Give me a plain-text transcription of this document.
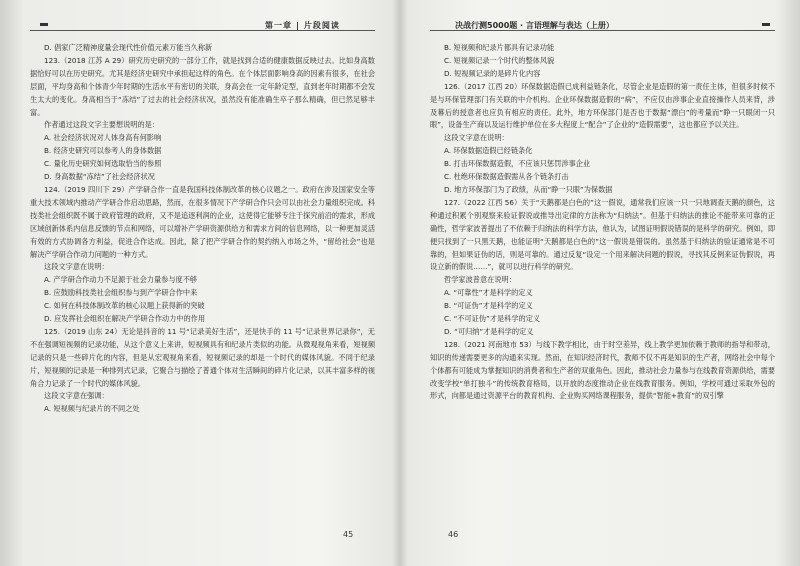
第一章 | 片段阅读

D. 倡家广泛精神度量会现代性价值元素万能当久称新

123.（2018 江苏 A 29）研究历史研究的一部分工作，就是找到合适的健康数据反映过去。比如身高数据恰好可以在历史研究。尤其是经济史研究中承担起这样的角色。在个体层面影响身高的因素有很多，在社会层面，平均身高和个体青少年时期的生活水平有密切的关联，身高会在一定年龄定型，直到老年时期都不会发生太大的变化。身高相当于“冻结”了过去的社会经济状况，虽然没有能准确生卒子那么精确，但已然足够丰富。

作者通过这段文字主要想说明的是：

A. 社会经济状况对人体身高有何影响

B. 经济史研究可以参考人的身体数据

C. 量化历史研究如何选取恰当的参照

D. 身高数据“冻结”了社会经济状况

124.（2019 四川下 29）产学研合作一直是我国科技体制改革的核心议题之一。政府在涉及国家安全等重大技术领域内推动产学研合作启动思路，然而，在很多情况下产学研合作只会可以由社会力量组织完成。科技类社会组织既不属于政府管理的政府，又不是追逐利润的企业，这使得它能够专注于探究前沿的需求，形成区域创新体系内信息反馈的节点和网络，可以增补产学研资源供给方和需求方间的信息网络，以一种更加灵活有效的方式协调各方利益，促进合作达成。因此，除了把产学研合作的契约纳入市场之外，“留给社会”也是解决产学研合作动力问题的一种方式。

这段文字意在说明：

A. 产学研合作动力不足源于社会力量参与度不够

B. 应鼓励科技类社会组织参与到产学研合作中来

C. 如何在科技体制改革的核心议题上获得新的突破

D. 应发挥社会组织在解决产学研合作动力中的作用

125.（2019 山东 24）无论是抖音的 11 号“记录美好生活”，还是快手的 11 号“记录世界记录你”，无不在强调短视频的记录功能，从这个意义上来讲，短视频具有和纪录片类似的功能。从微观视角来看，短视频记录的只是一些碎片化的内容，但是从宏观视角来看，短视频记录的却是一个时代的媒体风貌。不同于纪录片，短视频的记录是一种排列式记录，它聚合与描绘了普通个体对生活瞬间的碎片化记录，以其丰富多样的视角合力记录了一个时代的媒体风貌。

这段文字意在强调：

A. 短视频与纪录片的不同之处

45
决战行测5000题 · 言语理解与表达（上册）

B. 短视频和纪录片都具有记录功能

C. 短视频记录一个时代的整体风貌

D. 短视频记录的是碎片化内容

126.（2017 江西 20）环保数据造假已成利益链条化，尽管企业是造假的第一责任主体，但很多时候不是与环保管理部门有关联的中介机构。企业环保数据造假的“病”，不应仅由涉事企业直接操作人员来背，涉及幕后的授意者也应负有相应的责任。此外，地方环保部门是否也于数据“漂白”的考量而“睁一只眼闭一只眼”，设备生产商以及运行维护单位在多大程度上“配合”了企业的“造假需要”，这也都应予以关注。

这段文字意在说明：

A. 环保数据造假已经链条化

B. 打击环保数据造假，不应该只惩罚涉事企业

C. 杜绝环保数据造假需从各个链条打击

D. 地方环保部门为了政绩，从而“睁一只眼”为保数据

127.（2022 江西 56）关于“天鹅都是白色的”这一假说，通常我们应该一只一只地调查天鹅的颜色，这种通过积累个别观察来验证假说或推导出定律的方法称为“归纳法”。但基于归纳法的推论不能带来可靠的正确性，哲学家波普提出了不依赖于归纳法的科学方法，他认为，试图证明假说错误的是科学的研究。例如，即便只找到了一只黑天鹅，也能证明“天鹅都是白色的”这一假说是错误的。虽然基于归纳法的验证通常是不可靠的，但如果证伪的话，则是可靠的。通过反复“设定一个用来解决问题的假说，寻找其反例来证伪假说，再设立新的假说……”，就可以进行科学的研究。

哲学家波普意在说明：

A. “可靠性”才是科学的定义

B. “可证伪”才是科学的定义

C. “不可证伪”才是科学的定义

D. “可归纳”才是科学的定义

128.（2021 河南地市 53）与线下教学相比，由于时空差异，线上教学更加依赖于教师的指导和带动，知识的传递需要更多的沟通来实现。然而，在知识经济时代，教师不仅不再是知识的生产者，网络社会中每个个体都有可能成为掌握知识的消费者和生产者的双重角色。因此，推动社会力量参与在线教育资源供给，需要改变学校“单打独斗”的传统教育格局，以开放的态度推动企业在线教育服务。例如，学校可通过采取外包的形式，向都是通过资源平台的教育机构、企业购买网络课程服务，提供“智能+教育”的双引擎

46
